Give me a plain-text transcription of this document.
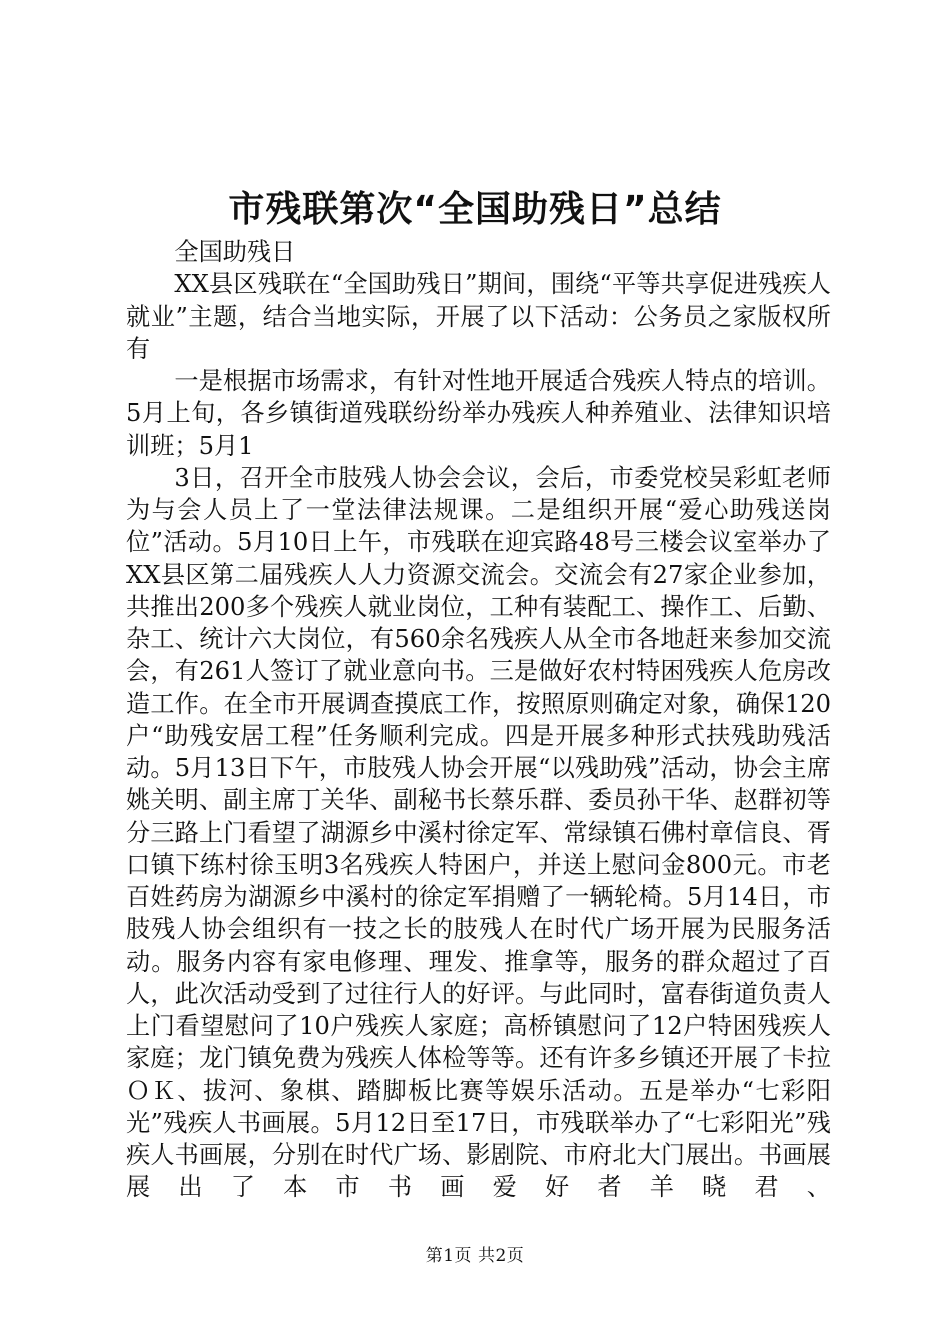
市残联第次“全国助残日”总结

全国助残日

XX县区残联在“全国助残日”期间，围绕“平等共享促进残疾人就业”主题，结合当地实际，开展了以下活动：公务员之家版权所有

一是根据市场需求，有针对性地开展适合残疾人特点的培训。5月上旬，各乡镇街道残联纷纷举办残疾人种养殖业、法律知识培训班；5月1

3日，召开全市肢残人协会会议，会后，市委党校吴彩虹老师为与会人员上了一堂法律法规课。二是组织开展“爱心助残送岗位”活动。5月10日上午，市残联在迎宾路48号三楼会议室举办了XX县区第二届残疾人人力资源交流会。交流会有27家企业参加，共推出200多个残疾人就业岗位，工种有装配工、操作工、后勤、杂工、统计六大岗位，有560余名残疾人从全市各地赶来参加交流会，有261人签订了就业意向书。三是做好农村特困残疾人危房改造工作。在全市开展调查摸底工作，按照原则确定对象，确保120户“助残安居工程”任务顺利完成。四是开展多种形式扶残助残活动。5月13日下午，市肢残人协会开展“以残助残”活动，协会主席姚关明、副主席丁关华、副秘书长蔡乐群、委员孙干华、赵群初等分三路上门看望了湖源乡中溪村徐定军、常绿镇石佛村章信良、胥口镇下练村徐玉明3名残疾人特困户，并送上慰问金800元。市老百姓药房为湖源乡中溪村的徐定军捐赠了一辆轮椅。5月14日，市肢残人协会组织有一技之长的肢残人在时代广场开展为民服务活动。服务内容有家电修理、理发、推拿等，服务的群众超过了百人，此次活动受到了过往行人的好评。与此同时，富春街道负责人上门看望慰问了10户残疾人家庭；高桥镇慰问了12户特困残疾人家庭；龙门镇免费为残疾人体检等等。还有许多乡镇还开展了卡拉ＯＫ、拔河、象棋、踏脚板比赛等娱乐活动。五是举办“七彩阳光”残疾人书画展。5月12日至17日，市残联举办了“七彩阳光”残疾人书画展，分别在时代广场、影剧院、市府北大门展出。书画展展出了本市书画爱好者羊晓君、

第1页 共2页
